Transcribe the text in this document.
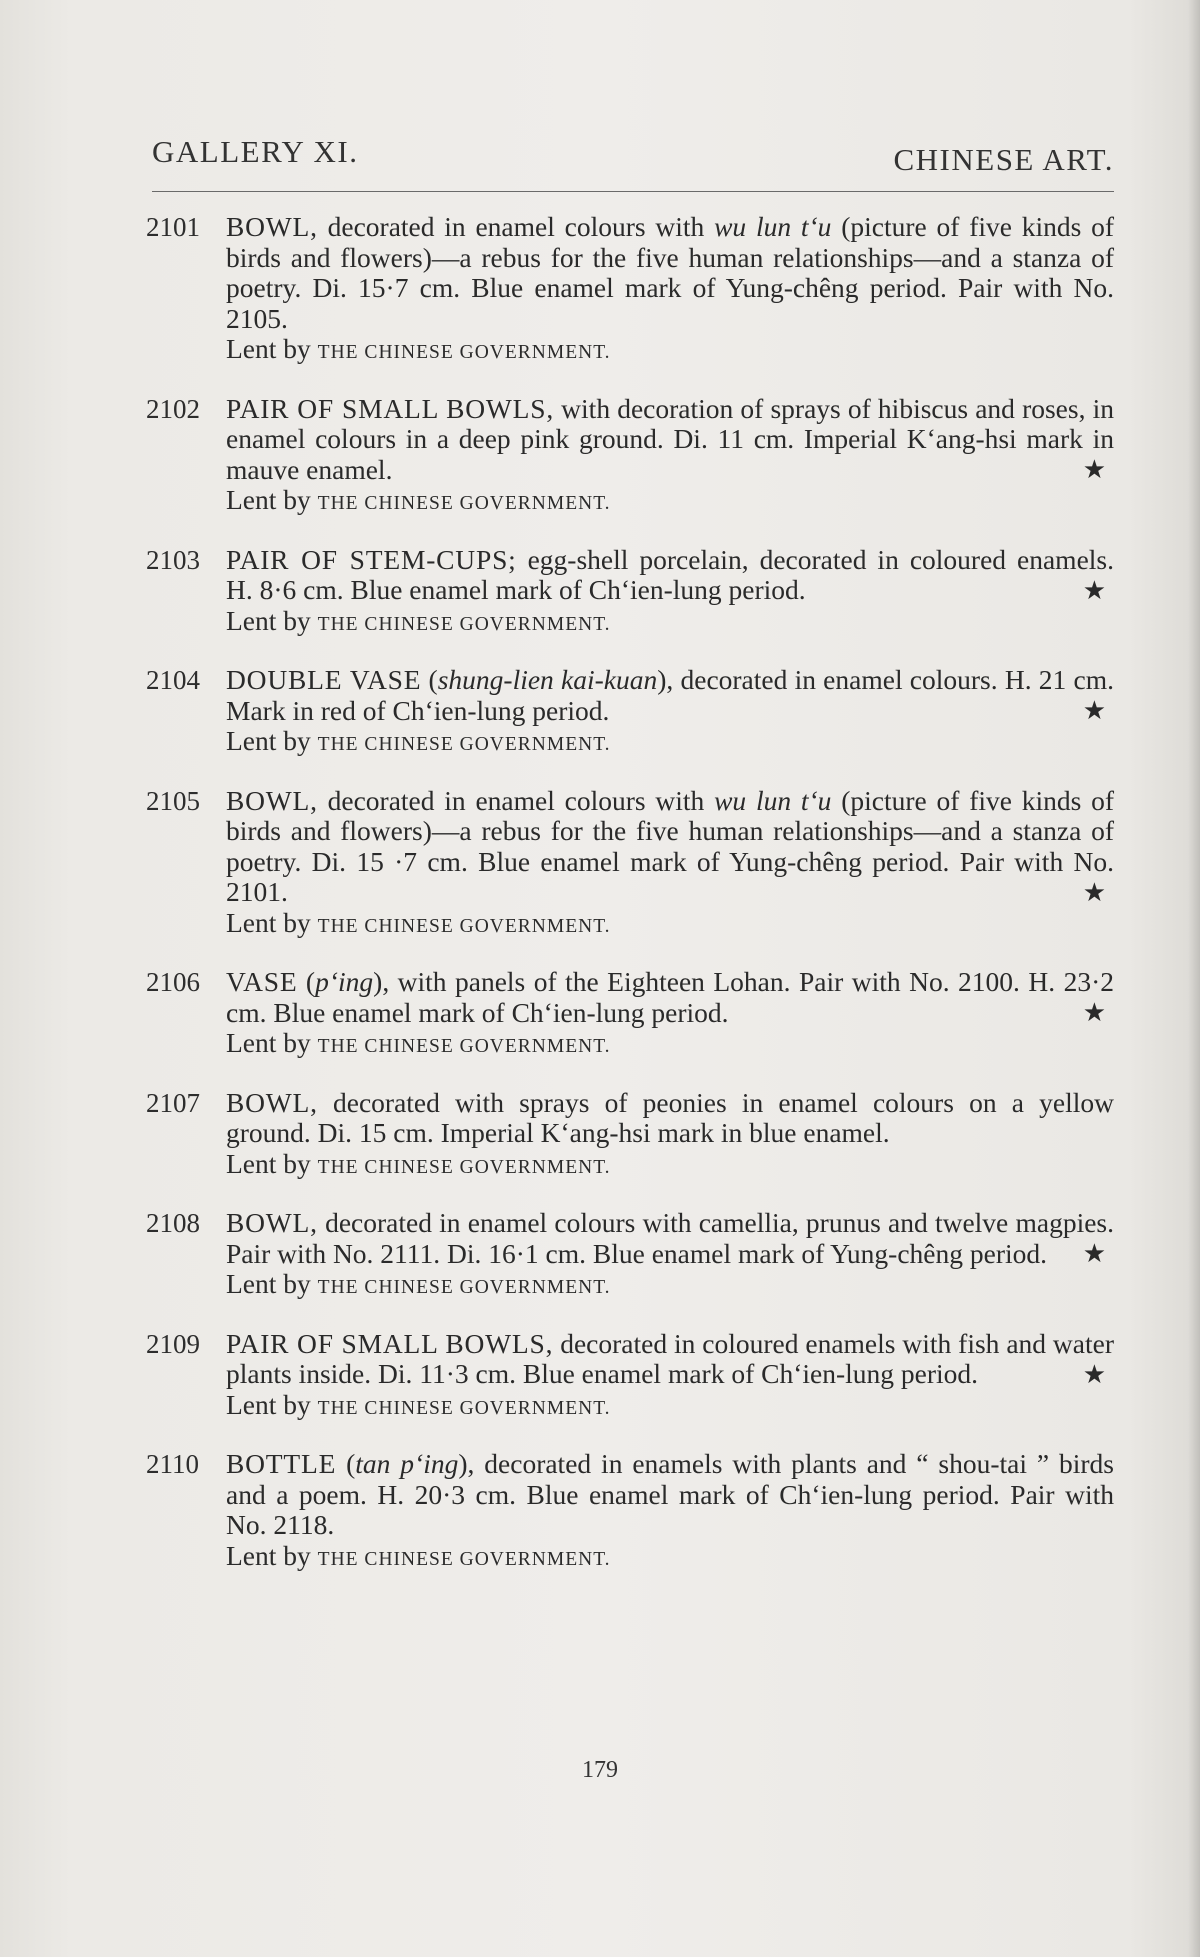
GALLERY XI.	CHINESE ART.
2101 BOWL, decorated in enamel colours with wu lun t‘u (picture of five kinds of birds and flowers)—a rebus for the five human relationships—and a stanza of poetry. Di. 15·7 cm. Blue enamel mark of Yung-chêng period. Pair with No. 2105.
Lent by THE CHINESE GOVERNMENT.
2102 PAIR OF SMALL BOWLS, with decoration of sprays of hibiscus and roses, in enamel colours in a deep pink ground. Di. 11 cm. Imperial K‘ang-hsi mark in mauve enamel.	★
Lent by THE CHINESE GOVERNMENT.
2103 PAIR OF STEM-CUPS; egg-shell porcelain, decorated in coloured enamels. H. 8·6 cm. Blue enamel mark of Ch‘ien-lung period.	★
Lent by THE CHINESE GOVERNMENT.
2104 DOUBLE VASE (shung-lien kai-kuan), decorated in enamel colours. H. 21 cm. Mark in red of Ch‘ien-lung period.	★
Lent by THE CHINESE GOVERNMENT.
2105 BOWL, decorated in enamel colours with wu lun t‘u (picture of five kinds of birds and flowers)—a rebus for the five human relationships—and a stanza of poetry. Di. 15 ·7 cm. Blue enamel mark of Yung-chêng period. Pair with No. 2101.	★
Lent by THE CHINESE GOVERNMENT.
2106 VASE (p‘ing), with panels of the Eighteen Lohan. Pair with No. 2100. H. 23·2 cm. Blue enamel mark of Ch‘ien-lung period.	★
Lent by THE CHINESE GOVERNMENT.
2107 BOWL, decorated with sprays of peonies in enamel colours on a yellow ground. Di. 15 cm. Imperial K‘ang-hsi mark in blue enamel.
Lent by THE CHINESE GOVERNMENT.
2108 BOWL, decorated in enamel colours with camellia, prunus and twelve magpies. Pair with No. 2111. Di. 16·1 cm. Blue enamel mark of Yung-chêng period.	★
Lent by THE CHINESE GOVERNMENT.
2109 PAIR OF SMALL BOWLS, decorated in coloured enamels with fish and water plants inside. Di. 11·3 cm. Blue enamel mark of Ch‘ien-lung period.	★
Lent by THE CHINESE GOVERNMENT.
2110 BOTTLE (tan p‘ing), decorated in enamels with plants and “ shou-tai ” birds and a poem. H. 20·3 cm. Blue enamel mark of Ch‘ien-lung period. Pair with No. 2118.
Lent by THE CHINESE GOVERNMENT.
179
